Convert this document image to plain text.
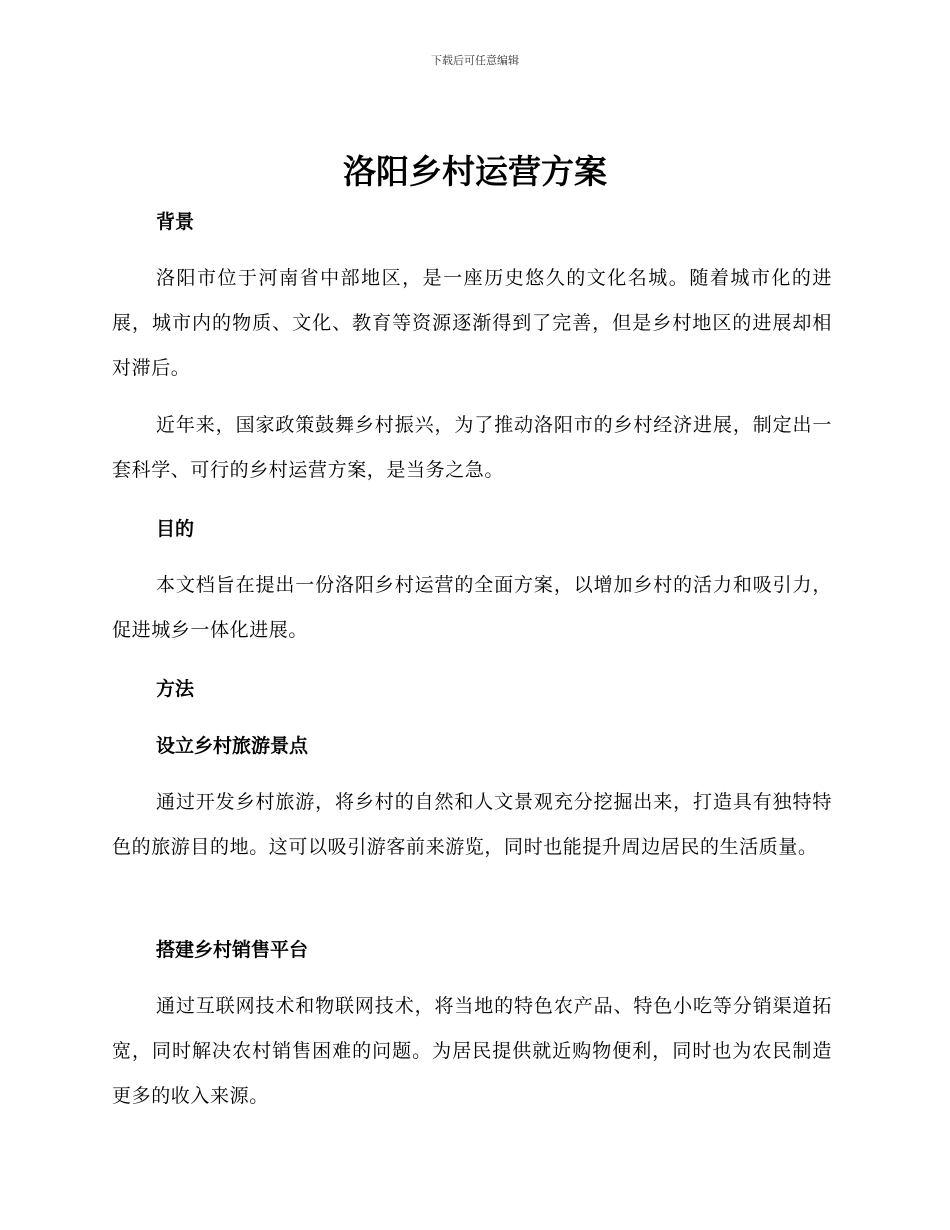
下载后可任意编辑
洛阳乡村运营方案
背景

洛阳市位于河南省中部地区，是一座历史悠久的文化名城。随着城市化的进展，城市内的物质、文化、教育等资源逐渐得到了完善，但是乡村地区的进展却相对滞后。

近年来，国家政策鼓舞乡村振兴，为了推动洛阳市的乡村经济进展，制定出一套科学、可行的乡村运营方案，是当务之急。

目的

本文档旨在提出一份洛阳乡村运营的全面方案，以增加乡村的活力和吸引力，促进城乡一体化进展。

方法
设立乡村旅游景点

通过开发乡村旅游，将乡村的自然和人文景观充分挖掘出来，打造具有独特特色的旅游目的地。这可以吸引游客前来游览，同时也能提升周边居民的生活质量。

搭建乡村销售平台

通过互联网技术和物联网技术，将当地的特色农产品、特色小吃等分销渠道拓宽，同时解决农村销售困难的问题。为居民提供就近购物便利，同时也为农民制造更多的收入来源。
